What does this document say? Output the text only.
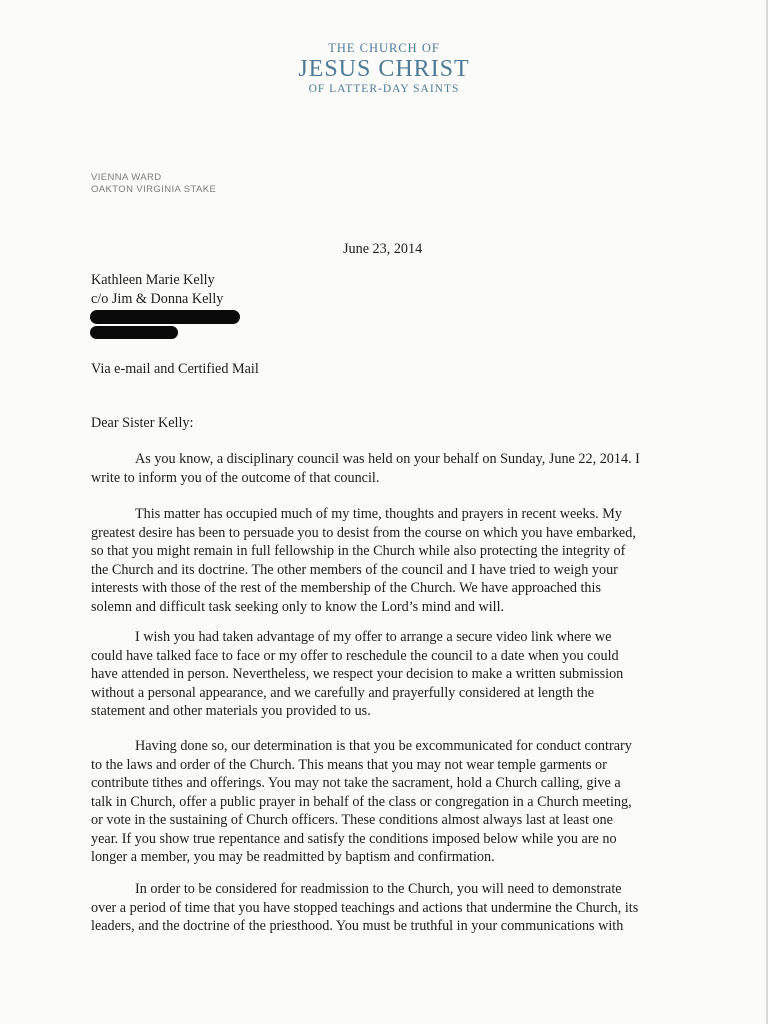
THE CHURCH OF
JESUS CHRIST
OF LATTER-DAY SAINTS
VIENNA WARD
OAKTON VIRGINIA STAKE
June 23, 2014
Kathleen Marie Kelly
c/o Jim & Donna Kelly
Via e-mail and Certified Mail
Dear Sister Kelly:
As you know, a disciplinary council was held on your behalf on Sunday, June 22, 2014. I
write to inform you of the outcome of that council.
This matter has occupied much of my time, thoughts and prayers in recent weeks. My
greatest desire has been to persuade you to desist from the course on which you have embarked,
so that you might remain in full fellowship in the Church while also protecting the integrity of
the Church and its doctrine. The other members of the council and I have tried to weigh your
interests with those of the rest of the membership of the Church. We have approached this
solemn and difficult task seeking only to know the Lord’s mind and will.
I wish you had taken advantage of my offer to arrange a secure video link where we
could have talked face to face or my offer to reschedule the council to a date when you could
have attended in person. Nevertheless, we respect your decision to make a written submission
without a personal appearance, and we carefully and prayerfully considered at length the
statement and other materials you provided to us.
Having done so, our determination is that you be excommunicated for conduct contrary
to the laws and order of the Church. This means that you may not wear temple garments or
contribute tithes and offerings. You may not take the sacrament, hold a Church calling, give a
talk in Church, offer a public prayer in behalf of the class or congregation in a Church meeting,
or vote in the sustaining of Church officers. These conditions almost always last at least one
year. If you show true repentance and satisfy the conditions imposed below while you are no
longer a member, you may be readmitted by baptism and confirmation.
In order to be considered for readmission to the Church, you will need to demonstrate
over a period of time that you have stopped teachings and actions that undermine the Church, its
leaders, and the doctrine of the priesthood. You must be truthful in your communications with
